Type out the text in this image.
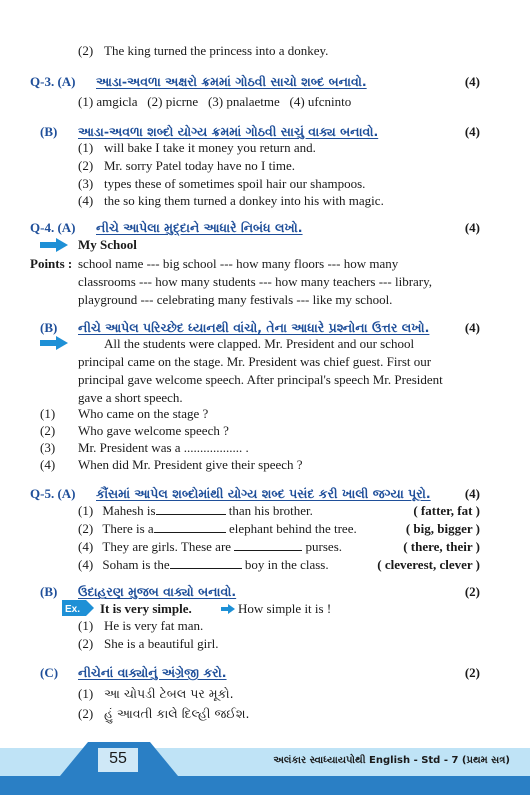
(2) The king turned the princess into a donkey.
Q-3. (A) આડા-અવળા અક્ષરો ક્રમમાં ગોઠવી સાચો શબ્દ બનાવો.	(4)
(1) amgicla   (2) picrne   (3) pnalaetme   (4) ufcninto
(B) આડા-અવળા શબ્દો યોગ્ય ક્રમમાં ગોઠવી સાચું વાક્ય બનાવો.	(4)
(1) will bake I take it money you return and.
(2) Mr. sorry Patel today have no I time.
(3) types these of sometimes spoil hair our shampoos.
(4) the so king them turned a donkey into his with magic.
Q-4. (A) નીચે આપેલા મુદ્દાને આધારે નિબંધ લખો.	(4)
My School
Points : school name --- big school --- how many floors --- how many
classrooms --- how many students --- how many teachers --- library,
playground --- celebrating many festivals --- like my school.
(B) નીચે આપેલ પરિચ્છેદ ધ્યાનથી વાંચો, તેના આધારે પ્રશ્નોના ઉત્તર લખો.	(4)
All the students were clapped. Mr. President and our school
principal came on the stage. Mr. President was chief guest. First our
principal gave welcome speech. After principal's speech Mr. President
gave a short speech.
(1) Who came on the stage ?
(2) Who gave welcome speech ?
(3) Mr. President was a .................. .
(4) When did Mr. President give their speech ?
Q-5. (A) કૌંસમાં આપેલ શબ્દોમાંથી યોગ્ય શબ્દ પસંદ કરી ખાલી જગ્યા પૂરો.	(4)
(1) Mahesh is	than his brother.	( fatter, fat )
(2) There is a	elephant behind the tree.	( big, bigger )
(4) They are girls. These are	purses.	( there, their )
(4) Soham is the	boy in the class.	( cleverest, clever )
(B) ઉદાહરણ મુજબ વાક્યો બનાવો.	(2)
Ex. It is very simple.	How simple it is !
(1) He is very fat man.
(2) She is a beautiful girl.
(C) નીચેનાં વાક્યોનું અંગ્રેજી કરો.	(2)
(1) આ ચોપડી ટેબલ પર મૂકો.
(2) હું આવતી કાલે દિલ્હી જઈશ.
55	અલંકાર સ્વાધ્યાયપોથી English - Std - 7 (પ્રથમ સત્ર)
